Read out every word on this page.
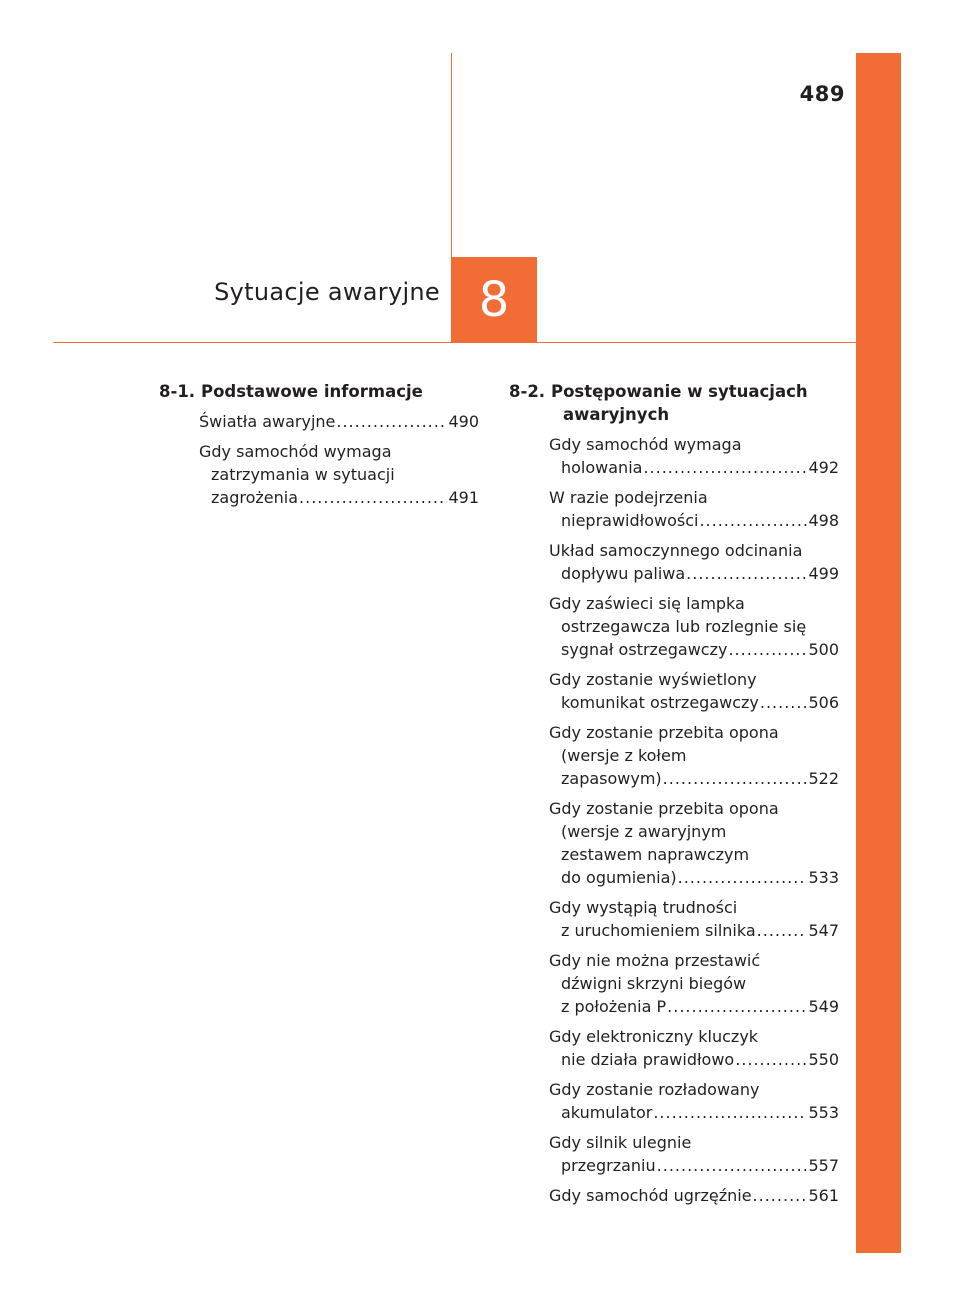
489
Sytuacje awaryjne 8
8-1. Podstawowe informacje
Światła awaryjne .....	490
Gdy samochód wymaga
zatrzymania w sytuacji
zagrożenia .....	491
8-2. Postępowanie w sytuacjach
awaryjnych
Gdy samochód wymaga
holowania .....	492
W razie podejrzenia
nieprawidłowości .....	498
Układ samoczynnego odcinania
dopływu paliwa .....	499
Gdy zaświeci się lampka
ostrzegawcza lub rozlegnie się
sygnał ostrzegawczy .....	500
Gdy zostanie wyświetlony
komunikat ostrzegawczy .....	506
Gdy zostanie przebita opona
(wersje z kołem
zapasowym) .....	522
Gdy zostanie przebita opona
(wersje z awaryjnym
zestawem naprawczym
do ogumienia) .....	533
Gdy wystąpią trudności
z uruchomieniem silnika .....	547
Gdy nie można przestawić
dźwigni skrzyni biegów
z położenia P .....	549
Gdy elektroniczny kluczyk
nie działa prawidłowo .....	550
Gdy zostanie rozładowany
akumulator .....	553
Gdy silnik ulegnie
przegrzaniu .....	557
Gdy samochód ugrzęźnie .....	561
